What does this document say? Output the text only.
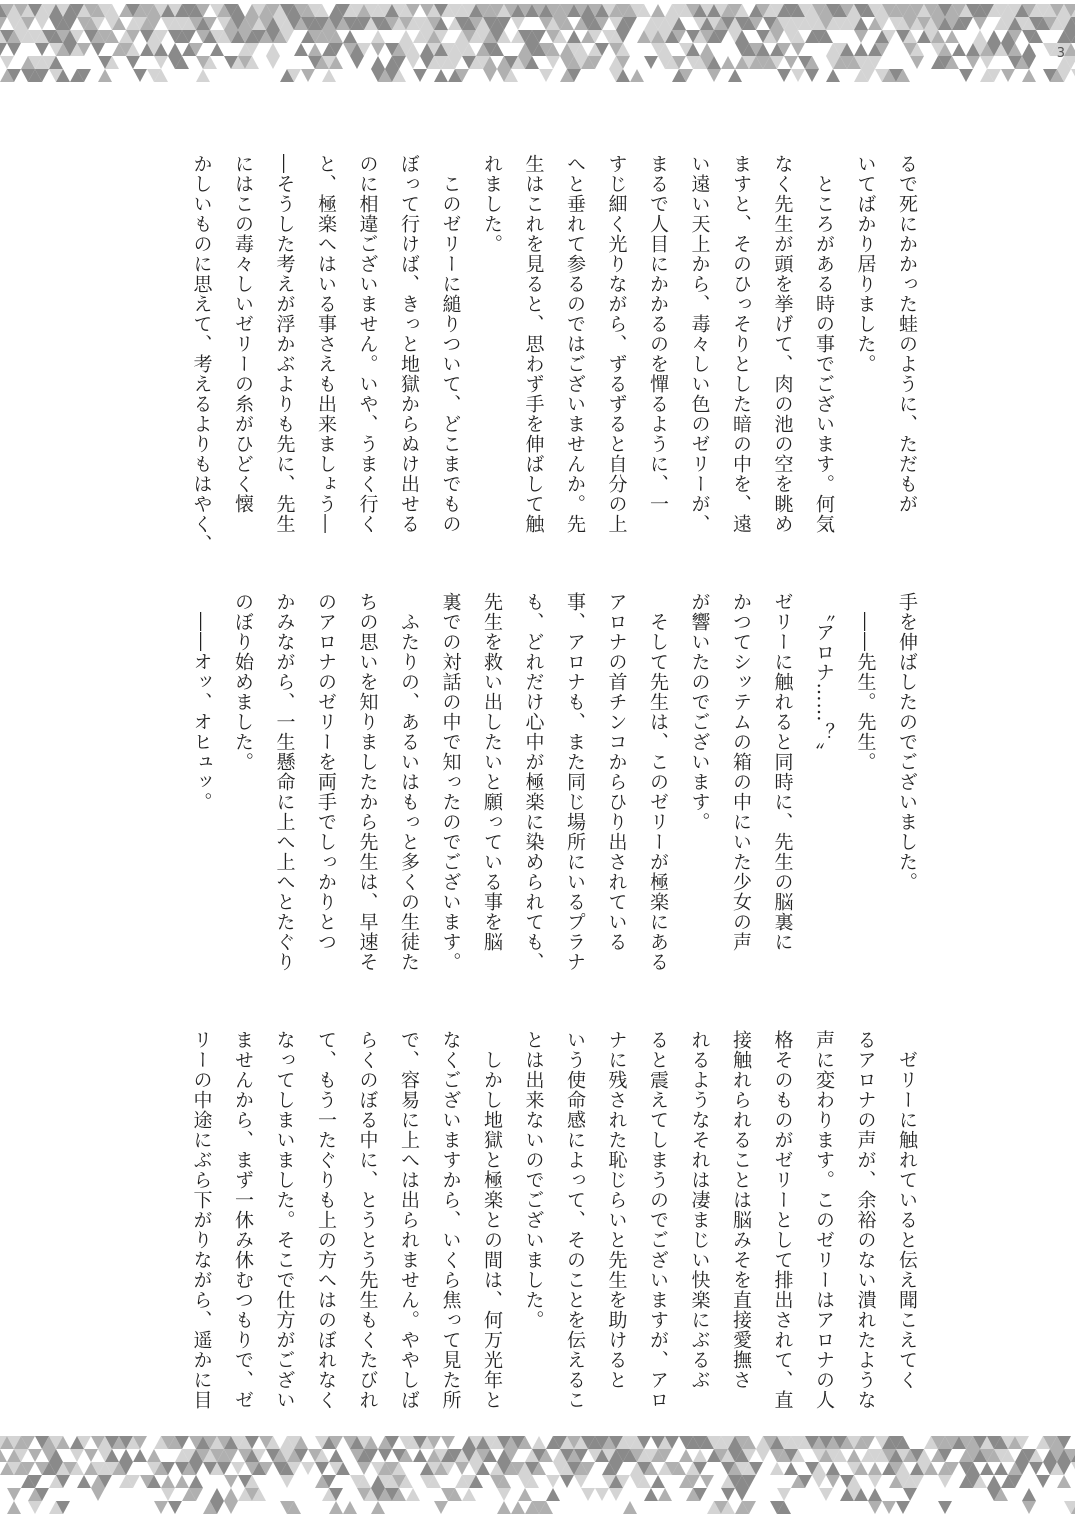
3
るで死にかかった蛙のように、ただもが
いてばかり居りました。
　ところがある時の事でございます。何気
なく先生が頭を挙げて、肉の池の空を眺め
ますと、そのひっそりとした暗の中を、遠
い遠い天上から、毒々しい色のゼリーが、
まるで人目にかかるのを憚るように、一
すじ細く光りながら、ずるずると自分の上
へと垂れて参るのではございませんか。先
生はこれを見ると、思わず手を伸ばして触
れました。
　このゼリーに縋りついて、どこまでもの
ぼって行けば、きっと地獄からぬけ出せる
のに相違ございません。いや、うまく行く
と、極楽へはいる事さえも出来ましょう―
―そうした考えが浮かぶよりも先に、先生
にはこの毒々しいゼリーの糸がひどく懐
かしいものに思えて、考えるよりもはやく、
手を伸ばしたのでございました。
　――先生。先生。
　〝アロナ……？〟
ゼリーに触れると同時に、先生の脳裏に
かつてシッテムの箱の中にいた少女の声
が響いたのでございます。
　そして先生は、このゼリーが極楽にある
アロナの首チンコからひり出されている
事、アロナも、また同じ場所にいるプラナ
も、どれだけ心中が極楽に染められても、
先生を救い出したいと願っている事を脳
裏での対話の中で知ったのでございます。
　ふたりの、あるいはもっと多くの生徒た
ちの思いを知りましたから先生は、早速そ
のアロナのゼリーを両手でしっかりとつ
かみながら、一生懸命に上へ上へとたぐり
のぼり始めました。
　――オッ、オヒュッ。
　ゼリーに触れていると伝え聞こえてく
るアロナの声が、余裕のない潰れたような
声に変わります。このゼリーはアロナの人
格そのものがゼリーとして排出されて、直
接触れられることは脳みそを直接愛撫さ
れるようなそれは凄まじい快楽にぶるぶ
ると震えてしまうのでございますが、アロ
ナに残された恥じらいと先生を助けると
いう使命感によって、そのことを伝えるこ
とは出来ないのでございました。
　しかし地獄と極楽との間は、何万光年と
なくございますから、いくら焦って見た所
で、容易に上へは出られません。ややしば
らくのぼる中に、とうとう先生もくたびれ
て、もう一たぐりも上の方へはのぼれなく
なってしまいました。そこで仕方がござい
ませんから、まず一休み休むつもりで、ゼ
リーの中途にぶら下がりながら、遥かに目
